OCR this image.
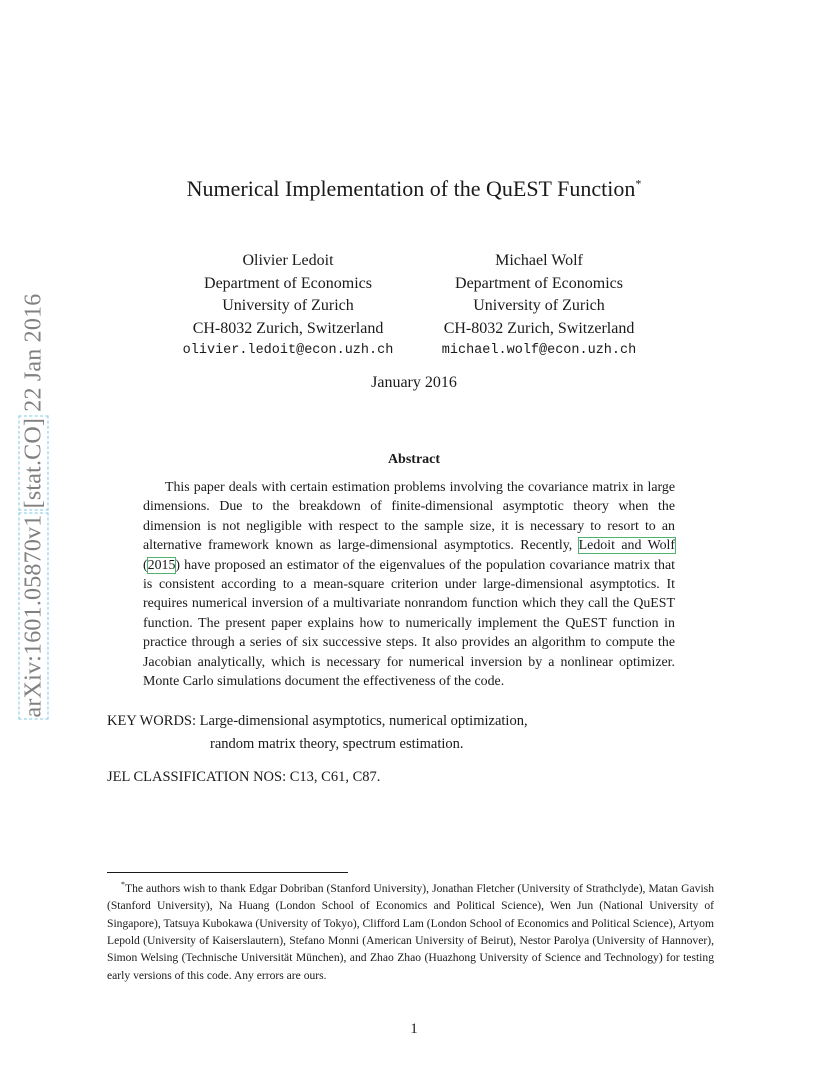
arXiv:1601.05870v1 [stat.CO] 22 Jan 2016
Numerical Implementation of the QuEST Function*
Olivier Ledoit
Department of Economics
University of Zurich
CH-8032 Zurich, Switzerland
olivier.ledoit@econ.uzh.ch
Michael Wolf
Department of Economics
University of Zurich
CH-8032 Zurich, Switzerland
michael.wolf@econ.uzh.ch
January 2016
Abstract
This paper deals with certain estimation problems involving the covariance matrix in large dimensions. Due to the breakdown of finite-dimensional asymptotic theory when the dimension is not negligible with respect to the sample size, it is necessary to resort to an alternative framework known as large-dimensional asymptotics. Recently, Ledoit and Wolf (2015) have proposed an estimator of the eigenvalues of the population covariance matrix that is consistent according to a mean-square criterion under large-dimensional asymptotics. It requires numerical inversion of a multivariate nonrandom function which they call the QuEST function. The present paper explains how to numerically implement the QuEST function in practice through a series of six successive steps. It also provides an algorithm to compute the Jacobian analytically, which is necessary for numerical inversion by a nonlinear optimizer. Monte Carlo simulations document the effectiveness of the code.
KEY WORDS: Large-dimensional asymptotics, numerical optimization,
random matrix theory, spectrum estimation.
JEL CLASSIFICATION NOS: C13, C61, C87.
*The authors wish to thank Edgar Dobriban (Stanford University), Jonathan Fletcher (University of Strathclyde), Matan Gavish (Stanford University), Na Huang (London School of Economics and Political Science), Wen Jun (National University of Singapore), Tatsuya Kubokawa (University of Tokyo), Clifford Lam (London School of Economics and Political Science), Artyom Lepold (University of Kaiserslautern), Stefano Monni (American University of Beirut), Nestor Parolya (University of Hannover), Simon Welsing (Technische Universität München), and Zhao Zhao (Huazhong University of Science and Technology) for testing early versions of this code. Any errors are ours.
1
